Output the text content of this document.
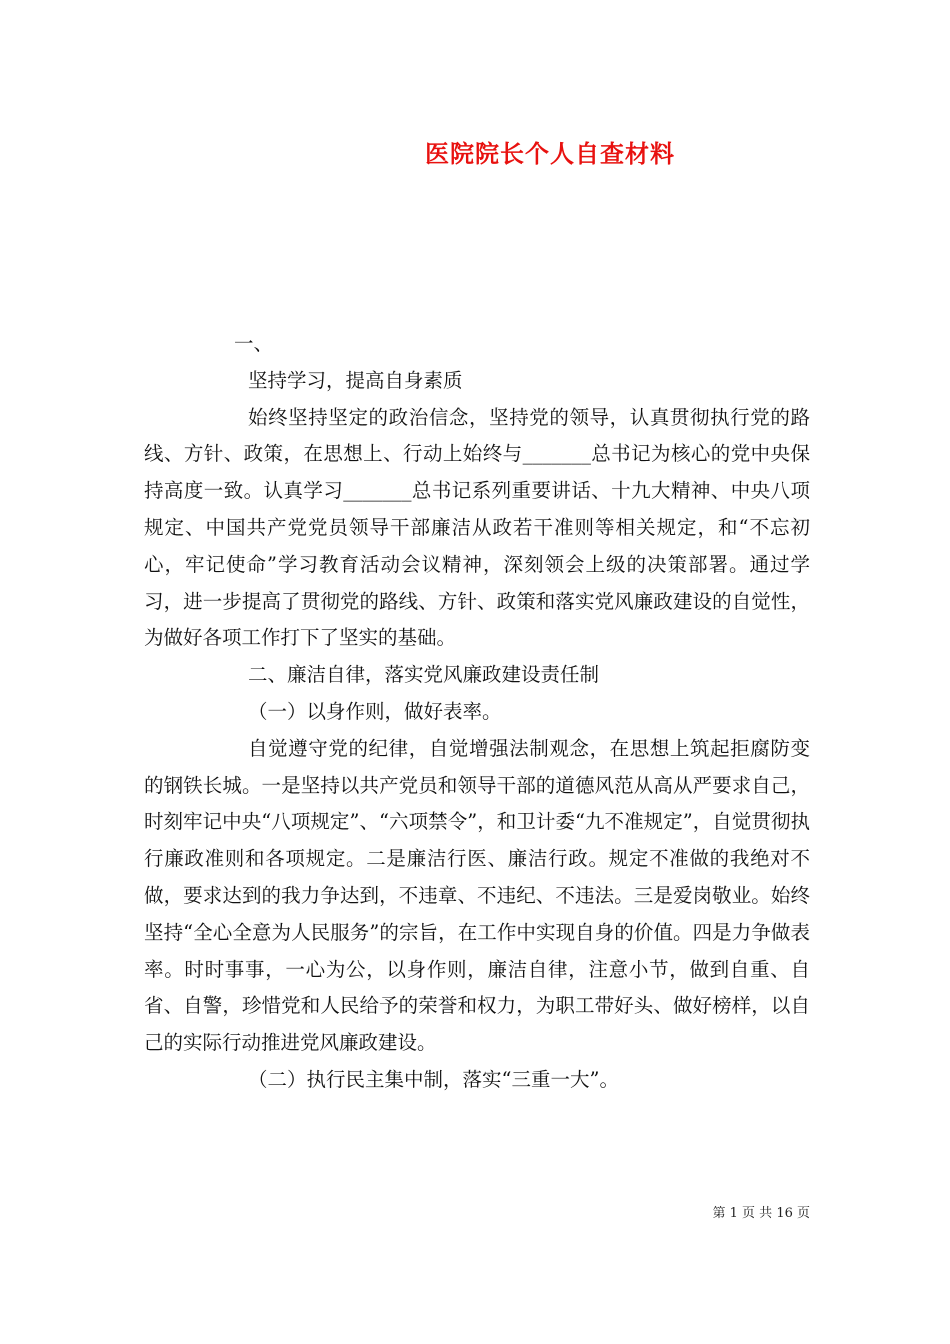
医院院长个人自查材料

一、

坚持学习，提高自身素质

始终坚持坚定的政治信念，坚持党的领导，认真贯彻执行党的路线、方针、政策，在思想上、行动上始终与_______总书记为核心的党中央保持高度一致。认真学习_______总书记系列重要讲话、十九大精神、中央八项规定、中国共产党党员领导干部廉洁从政若干准则等相关规定，和“不忘初心，牢记使命”学习教育活动会议精神，深刻领会上级的决策部署。通过学习，进一步提高了贯彻党的路线、方针、政策和落实党风廉政建设的自觉性，为做好各项工作打下了坚实的基础。

二、廉洁自律，落实党风廉政建设责任制

（一）以身作则，做好表率。

自觉遵守党的纪律，自觉增强法制观念，在思想上筑起拒腐防变的钢铁长城。一是坚持以共产党员和领导干部的道德风范从高从严要求自己，时刻牢记中央“八项规定”、“六项禁令”，和卫计委“九不准规定”，自觉贯彻执行廉政准则和各项规定。二是廉洁行医、廉洁行政。规定不准做的我绝对不做，要求达到的我力争达到，不违章、不违纪、不违法。三是爱岗敬业。始终坚持“全心全意为人民服务”的宗旨，在工作中实现自身的价值。四是力争做表率。时时事事，一心为公，以身作则，廉洁自律，注意小节，做到自重、自省、自警，珍惜党和人民给予的荣誉和权力，为职工带好头、做好榜样，以自己的实际行动推进党风廉政建设。

（二）执行民主集中制，落实“三重一大”。

第 1 页 共 16 页
